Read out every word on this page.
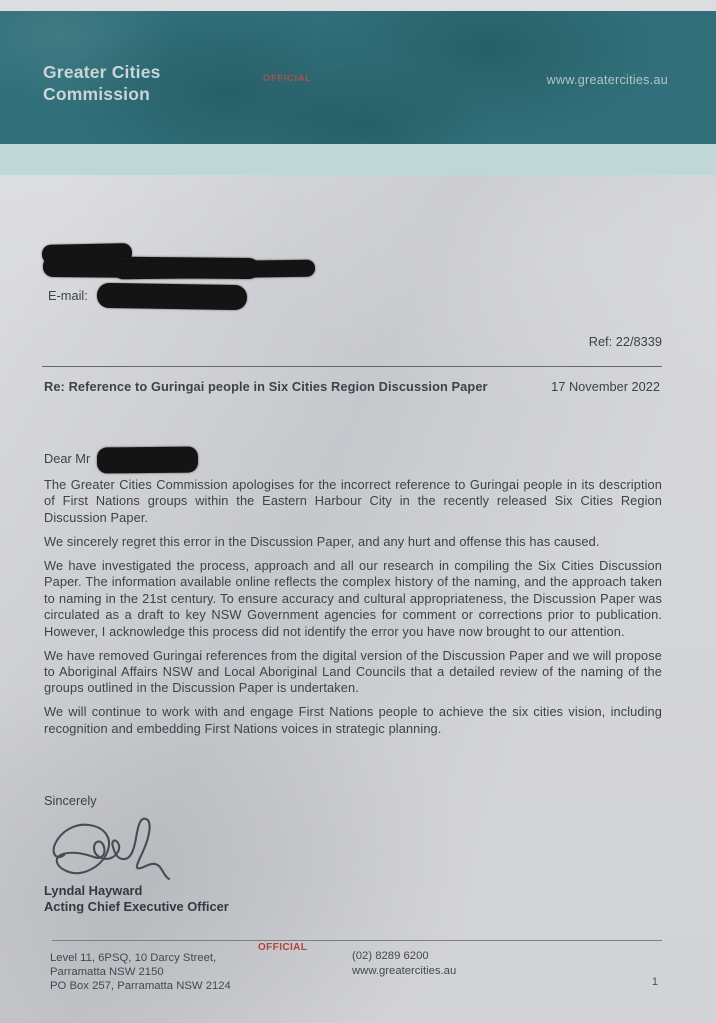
Greater Cities
Commission
OFFICIAL	www.greatercities.au
E-mail:
Ref: 22/8339
Re: Reference to Guringai people in Six Cities Region Discussion Paper	17 November 2022
Dear Mr

The Greater Cities Commission apologises for the incorrect reference to Guringai people in its description of First Nations groups within the Eastern Harbour City in the recently released Six Cities Region Discussion Paper.

We sincerely regret this error in the Discussion Paper, and any hurt and offense this has caused.

We have investigated the process, approach and all our research in compiling the Six Cities Discussion Paper. The information available online reflects the complex history of the naming, and the approach taken to naming in the 21st century. To ensure accuracy and cultural appropriateness, the Discussion Paper was circulated as a draft to key NSW Government agencies for comment or corrections prior to publication. However, I acknowledge this process did not identify the error you have now brought to our attention.

We have removed Guringai references from the digital version of the Discussion Paper and we will propose to Aboriginal Affairs NSW and Local Aboriginal Land Councils that a detailed review of the naming of the groups outlined in the Discussion Paper is undertaken.

We will continue to work with and engage First Nations people to achieve the six cities vision, including recognition and embedding First Nations voices in strategic planning.

Sincerely
Lyndal Hayward
Acting Chief Executive Officer
OFFICIAL
Level 11, 6PSQ, 10 Darcy Street,
Parramatta NSW 2150
PO Box 257, Parramatta NSW 2124
(02) 8289 6200
www.greatercities.au
1
